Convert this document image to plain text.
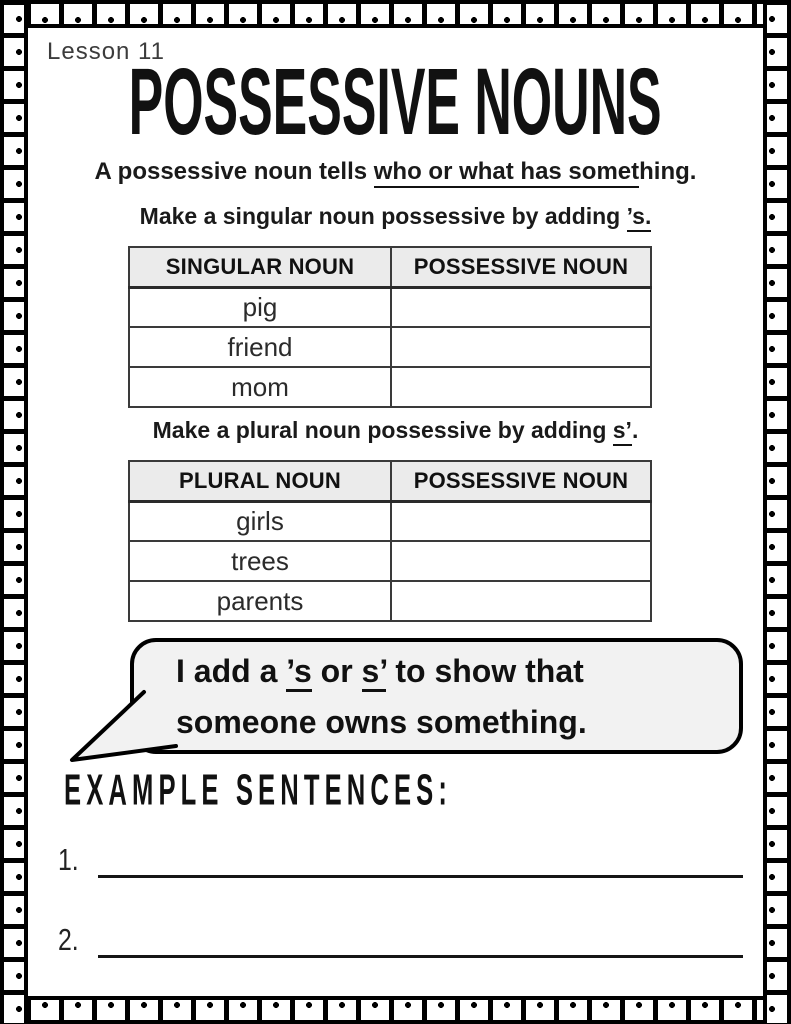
Lesson 11
POSSESSIVE NOUNS
A possessive noun tells who or what has something.
Make a singular noun possessive by adding ’s.
SINGULAR NOUN	POSSESSIVE NOUN
pig	
friend	
mom	
Make a plural noun possessive by adding s’.
PLURAL NOUN	POSSESSIVE NOUN
girls	
trees	
parents	
I add a ’s or s’ to show that
someone owns something.
EXAMPLE SENTENCES:
1.
2.
